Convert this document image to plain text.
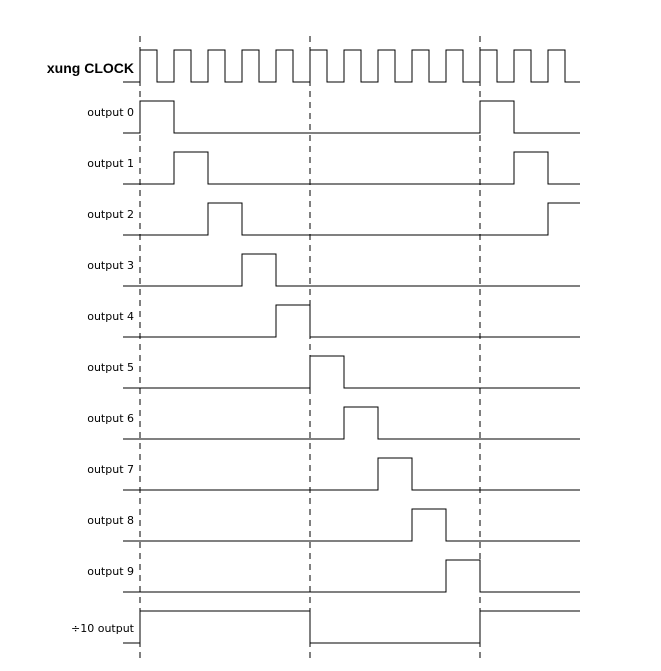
xung CLOCK
output 0
output 1
output 2
output 3
output 4
output 5
output 6
output 7
output 8
output 9
÷10 output
